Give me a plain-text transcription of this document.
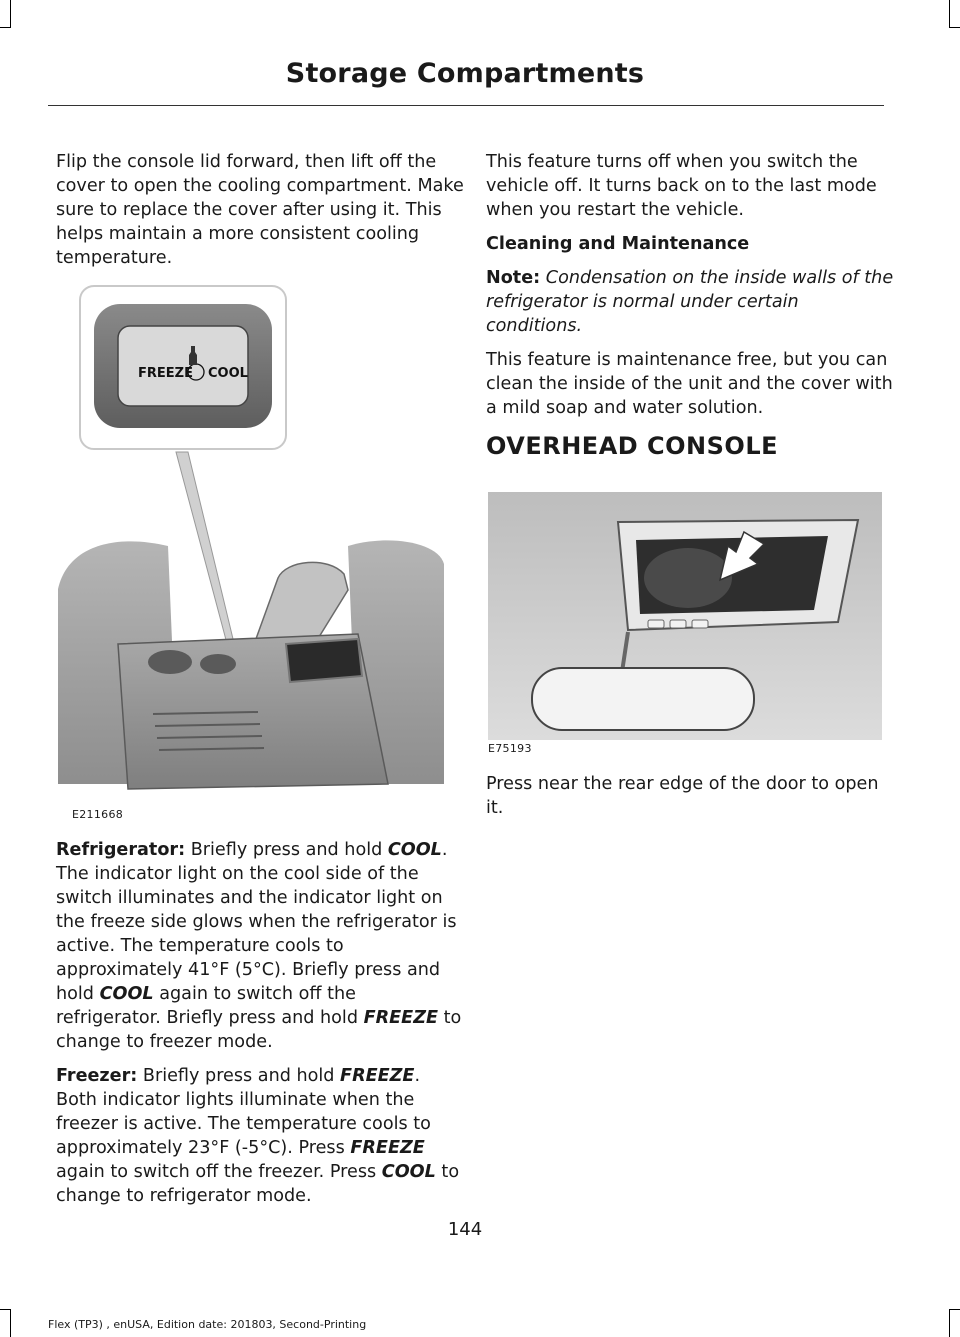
Storage Compartments

Flip the console lid forward, then lift off the cover to open the cooling compartment. Make sure to replace the cover after using it. This helps maintain a more consistent cooling temperature.

FREEZE COOL
E211668

Refrigerator: Briefly press and hold COOL. The indicator light on the cool side of the switch illuminates and the indicator light on the freeze side glows when the refrigerator is active. The temperature cools to approximately 41°F (5°C). Briefly press and hold COOL again to switch off the refrigerator. Briefly press and hold FREEZE to change to freezer mode.

Freezer: Briefly press and hold FREEZE. Both indicator lights illuminate when the freezer is active. The temperature cools to approximately 23°F (-5°C). Press FREEZE again to switch off the freezer. Press COOL to change to refrigerator mode.

This feature turns off when you switch the vehicle off. It turns back on to the last mode when you restart the vehicle.

Cleaning and Maintenance

Note: Condensation on the inside walls of the refrigerator is normal under certain conditions.

This feature is maintenance free, but you can clean the inside of the unit and the cover with a mild soap and water solution.

OVERHEAD CONSOLE
E75193

Press near the rear edge of the door to open it.

144
Flex (TP3) , enUSA, Edition date: 201803, Second-Printing
